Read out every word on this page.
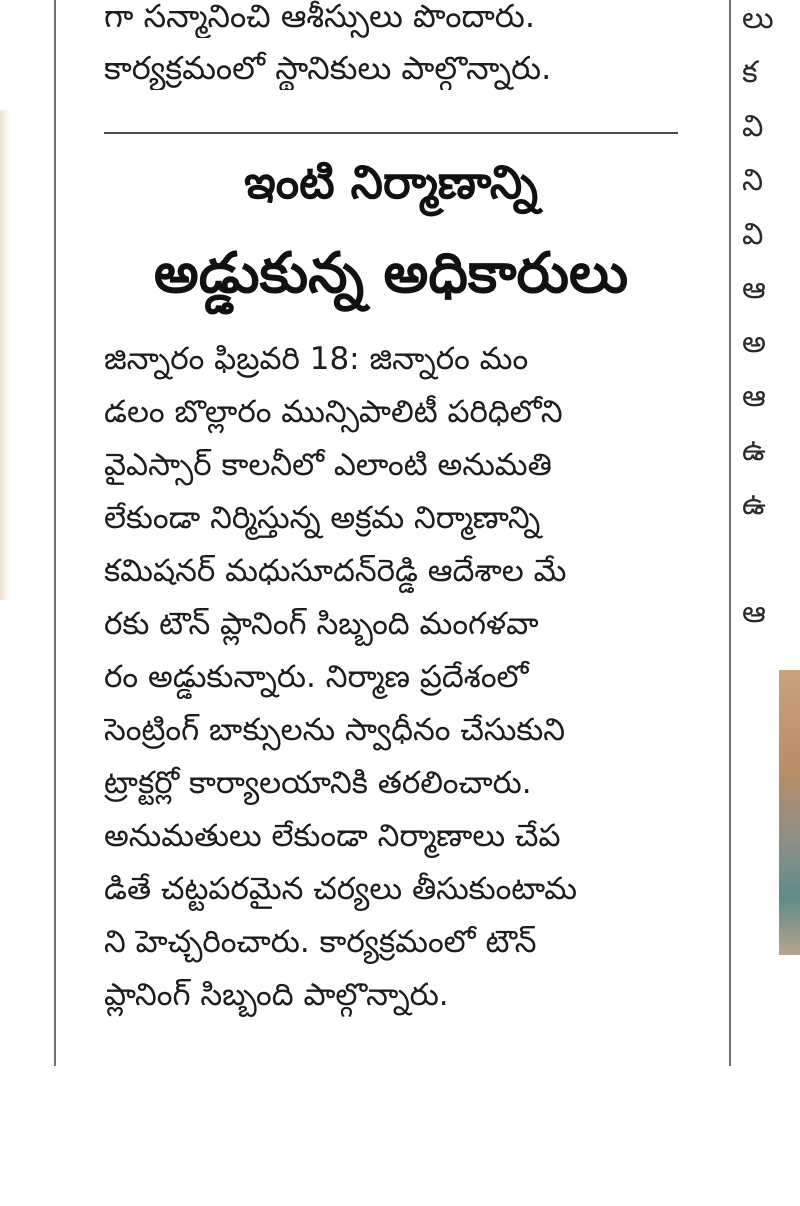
గా సన్మానించి ఆశీస్సులు పొందారు.
కార్యక్రమంలో స్థానికులు పాల్గొన్నారు.
ఇంటి నిర్మాణాన్ని
అడ్డుకున్న అధికారులు
జిన్నారం ఫిబ్రవరి 18: జిన్నారం మం
డలం బొల్లారం మున్సిపాలిటీ పరిధిలోని
వైఎస్సార్ కాలనీలో ఎలాంటి అనుమతి
లేకుండా నిర్మిస్తున్న అక్రమ నిర్మాణాన్ని
కమిషనర్ మధుసూదన్‌రెడ్డి ఆదేశాల మే
రకు టౌన్ ప్లానింగ్ సిబ్బంది మంగళవా
రం అడ్డుకున్నారు. నిర్మాణ ప్రదేశంలో
సెంట్రింగ్ బాక్సులను స్వాధీనం చేసుకుని
ట్రాక్టర్లో కార్యాలయానికి తరలించారు.
అనుమతులు లేకుండా నిర్మాణాలు చేప
డితే చట్టపరమైన చర్యలు తీసుకుంటామ
ని హెచ్చరించారు. కార్యక్రమంలో టౌన్
ప్లానింగ్ సిబ్బంది పాల్గొన్నారు.
లు
క
వి
ని
వి
ఆ
అ
ఆ
ఉ
ఉ
ఆ
